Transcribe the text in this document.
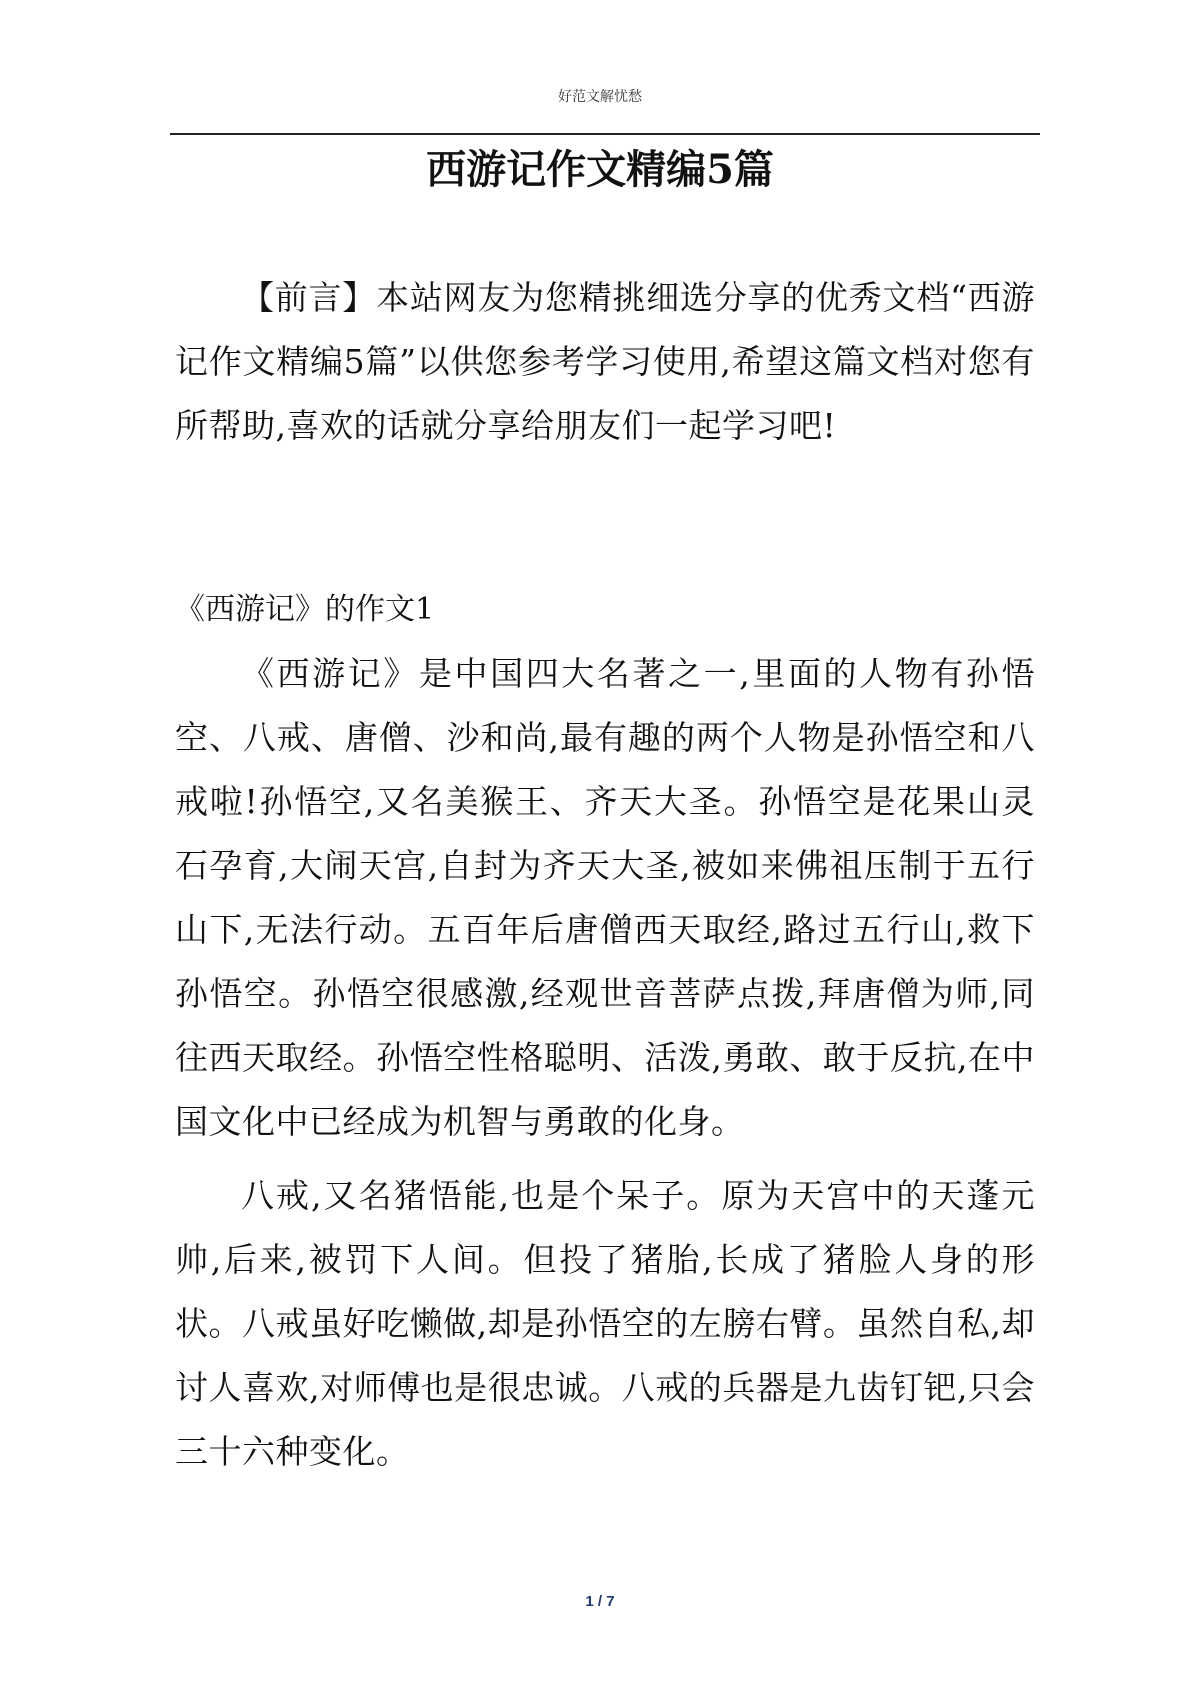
好范文解忧愁
西游记作文精编5篇

【前言】本站网友为您精挑细选分享的优秀文档“西游记作文精编5篇”以供您参考学习使用,希望这篇文档对您有所帮助,喜欢的话就分享给朋友们一起学习吧!

《西游记》的作文1

《西游记》是中国四大名著之一,里面的人物有孙悟空、八戒、唐僧、沙和尚,最有趣的两个人物是孙悟空和八戒啦!孙悟空,又名美猴王、齐天大圣。孙悟空是花果山灵石孕育,大闹天宫,自封为齐天大圣,被如来佛祖压制于五行山下,无法行动。五百年后唐僧西天取经,路过五行山,救下孙悟空。孙悟空很感激,经观世音菩萨点拨,拜唐僧为师,同往西天取经。孙悟空性格聪明、活泼,勇敢、敢于反抗,在中国文化中已经成为机智与勇敢的化身。

八戒,又名猪悟能,也是个呆子。原为天宫中的天蓬元帅,后来,被罚下人间。但投了猪胎,长成了猪脸人身的形状。八戒虽好吃懒做,却是孙悟空的左膀右臂。虽然自私,却讨人喜欢,对师傅也是很忠诚。八戒的兵器是九齿钉钯,只会三十六种变化。

1 / 7
